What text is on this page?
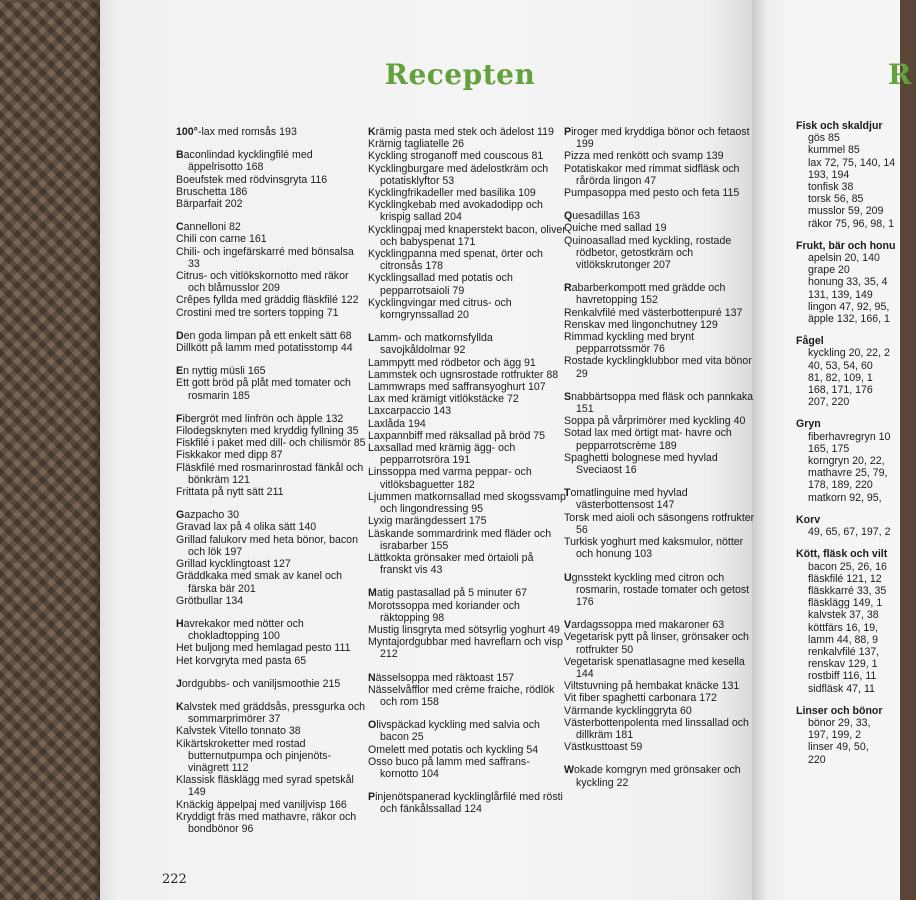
Recepten	R
100°-lax med romsås 193
Baconlindad kycklingfilé med äppelrisotto 168
Boeufstek med rödvinsgryta 116
Bruschetta 186
Bärparfait 202
Cannelloni 82
Chili con carne 161
Chili- och ingefärskarré med bönsalsa 33
Citrus- och vitlökskornotto med räkor och blåmusslor 209
Crêpes fyllda med gräddig fläskfilé 122
Crostini med tre sorters topping 71
Den goda limpan på ett enkelt sätt 68
Dillkött på lamm med potatisstomp 44
En nyttig müsli 165
Ett gott bröd på plåt med tomater och rosmarin 185
Fibergröt med linfrön och äpple 132
Filodegsknyten med kryddig fyllning 35
Fiskfilé i paket med dill- och chilismör 85
Fiskkakor med dipp 87
Fläskfilé med rosmarinrostad fänkål och bönkräm 121
Frittata på nytt sätt 211
Gazpacho 30
Gravad lax på 4 olika sätt 140
Grillad falukorv med heta bönor, bacon och lök 197
Grillad kycklingtoast 127
Gräddkaka med smak av kanel och färska bär 201
Grötbullar 134
Havrekakor med nötter och chokladtopping 100
Het buljong med hemlagad pesto 111
Het korvgryta med pasta 65
Jordgubbs- och vaniljsmoothie 215
Kalvstek med gräddsås, pressgurka och sommarprimörer 37
Kalvstek Vitello tonnato 38
Kikärtskroketter med rostad butternutpumpa och pinjenöts-vinägrett 112
Klassisk fläsklägg med syrad spetskål 149
Knäckig äppelpaj med vaniljvisp 166
Kryddigt fräs med mathavre, räkor och bondbönor 96
Krämig pasta med stek och ädelost 119
Krämig tagliatelle 26
Kyckling stroganoff med couscous 81
Kycklingburgare med ädelostkräm och potatisklyftor 53
Kycklingfrikadeller med basilika 109
Kycklingkebab med avokadodipp och krispig sallad 204
Kycklingpaj med knaperstekt bacon, oliver och babyspenat 171
Kycklingpanna med spenat, örter och citronsås 178
Kycklingsallad med potatis och pepparrotsaioli 79
Kycklingvingar med citrus- och korngrynssallad 20
Lamm- och matkornsfyllda savojkåldolmar 92
Lammpytt med rödbetor och ägg 91
Lammstek och ugnsrostade rotfrukter 88
Lammwraps med saffransyoghurt 107
Lax med krämigt vitlökstäcke 72
Laxcarpaccio 143
Laxlåda 194
Laxpannbiff med räksallad på bröd 75
Laxsallad med krämig ägg- och pepparrotsröra 191
Linssoppa med varma peppar- och vitlöksbaguetter 182
Ljummen matkornsallad med skogssvamp och lingondressing 95
Lyxig marängdessert 175
Läskande sommardrink med fläder och israbarber 155
Lättkokta grönsaker med örtaioli på franskt vis 43
Matig pastasallad på 5 minuter 67
Morotssoppa med koriander och räktopping 98
Mustig linsgryta med sötsyrlig yoghurt 49
Myntajordgubbar med havreflarn och visp 212
Nässelsoppa med räktoast 157
Nässelvåfflor med crème fraiche, rödlök och rom 158
Olivspäckad kyckling med salvia och bacon 25
Omelett med potatis och kyckling 54
Osso buco på lamm med saffrans-kornotto 104
Pinjenötspanerad kycklinglårfilé med rösti och fänkålssallad 124
Piroger med kryddiga bönor och fetaost 199
Pizza med renkött och svamp 139
Potatiskakor med rimmat sidfläsk och rårörda lingon 47
Pumpasoppa med pesto och feta 115
Quesadillas 163
Quiche med sallad 19
Quinoasallad med kyckling, rostade rödbetor, getostkräm och vitlökskrutonger 207
Rabarberkompott med grädde och havretopping 152
Renkalvfilé med västerbottenpuré 137
Renskav med lingonchutney 129
Rimmad kyckling med brynt pepparrotssmör 76
Rostade kycklingklubbor med vita bönor 29
Snabbärtsoppa med fläsk och pannkaka 151
Soppa på vårprimörer med kyckling 40
Sotad lax med örtigt mat- havre och pepparrotscrème 189
Spaghetti bolognese med hyvlad Sveciaost 16
Tomatlinguine med hyvlad västerbottensost 147
Torsk med aioli och säsongens rotfrukter 56
Turkisk yoghurt med kaksmulor, nötter och honung 103
Ugnsstekt kyckling med citron och rosmarin, rostade tomater och getost 176
Vardagssoppa med makaroner 63
Vegetarisk pytt på linser, grönsaker och rotfrukter 50
Vegetarisk spenatlasagne med kesella 144
Viltstuvning på hembakat knäcke 131
Vit fiber spaghetti carbonara 172
Värmande kycklinggryta 60
Västerbottenpolenta med linssallad och dillkräm 181
Västkusttoast 59
Wokade korngryn med grönsaker och kyckling 22
Fisk och skaldjur
gös 85
kummel 85
lax 72, 75, 140, 14
193, 194
tonfisk 38
torsk 56, 85
musslor 59, 209
räkor 75, 96, 98, 1
Frukt, bär och honu
apelsin 20, 140
grape 20
honung 33, 35, 4
131, 139, 149
lingon 47, 92, 95,
äpple 132, 166, 1
Fågel
kyckling 20, 22, 2
40, 53, 54, 60
81, 82, 109, 1
168, 171, 176
207, 220
Gryn
fiberhavregryn 10
165, 175
korngryn 20, 22,
mathavre 25, 79,
178, 189, 220
matkorn 92, 95,
Korv
49, 65, 67, 197, 2
Kött, fläsk och vilt
bacon 25, 26, 16
fläskfilé 121, 12
fläskkarré 33, 35
fläsklägg 149, 1
kalvstek 37, 38
köttfärs 16, 19,
lamm 44, 88, 9
renkalvfilé 137,
renskav 129, 1
rostbiff 116, 11
sidfläsk 47, 11
Linser och bönor
bönor 29, 33,
197, 199, 2
linser 49, 50,
220
222
